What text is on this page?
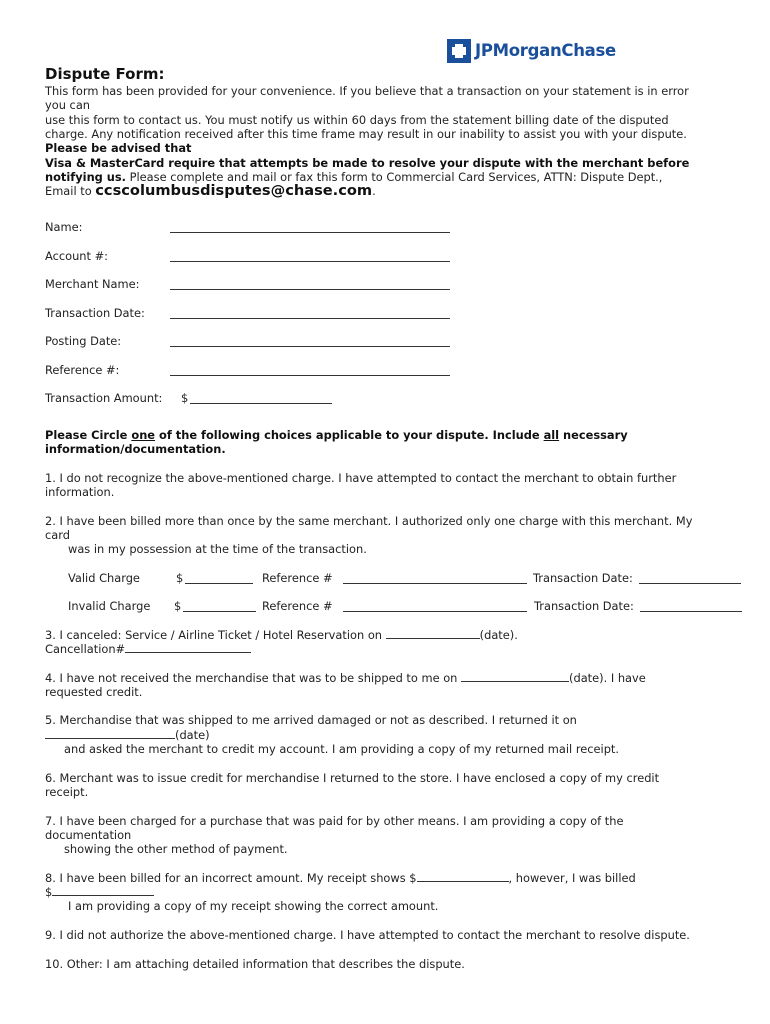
JPMorganChase
Dispute Form:
This form has been provided for your convenience. If you believe that a transaction on your statement is in error
you can
use this form to contact us. You must notify us within 60 days from the statement billing date of the disputed
charge. Any notification received after this time frame may result in our inability to assist you with your dispute.
Please be advised that
Visa & MasterCard require that attempts be made to resolve your dispute with the merchant before
notifying us. Please complete and mail or fax this form to Commercial Card Services, ATTN: Dispute Dept.,
Email to ccscolumbusdisputes@chase.com.
Name:
Account #:
Merchant Name:
Transaction Date:
Posting Date:
Reference #:
Transaction Amount: $
Please Circle one of the following choices applicable to your dispute. Include all necessary
information/documentation.
1. I do not recognize the above-mentioned charge. I have attempted to contact the merchant to obtain further
information.
2. I have been billed more than once by the same merchant. I authorized only one charge with this merchant. My
card
was in my possession at the time of the transaction.
Valid Charge	$	Reference #	Transaction Date:
Invalid Charge $	Reference #	Transaction Date:
3. I canceled: Service / Airline Ticket / Hotel Reservation on	(date).
Cancellation#
4. I have not received the merchandise that was to be shipped to me on	(date). I have
requested credit.
5. Merchandise that was shipped to me arrived damaged or not as described. I returned it on
(date)
and asked the merchant to credit my account. I am providing a copy of my returned mail receipt.
6. Merchant was to issue credit for merchandise I returned to the store. I have enclosed a copy of my credit
receipt.
7. I have been charged for a purchase that was paid for by other means. I am providing a copy of the
documentation
showing the other method of payment.
8. I have been billed for an incorrect amount. My receipt shows $	, however, I was billed
$
I am providing a copy of my receipt showing the correct amount.
9. I did not authorize the above-mentioned charge. I have attempted to contact the merchant to resolve dispute.
10. Other: I am attaching detailed information that describes the dispute.
